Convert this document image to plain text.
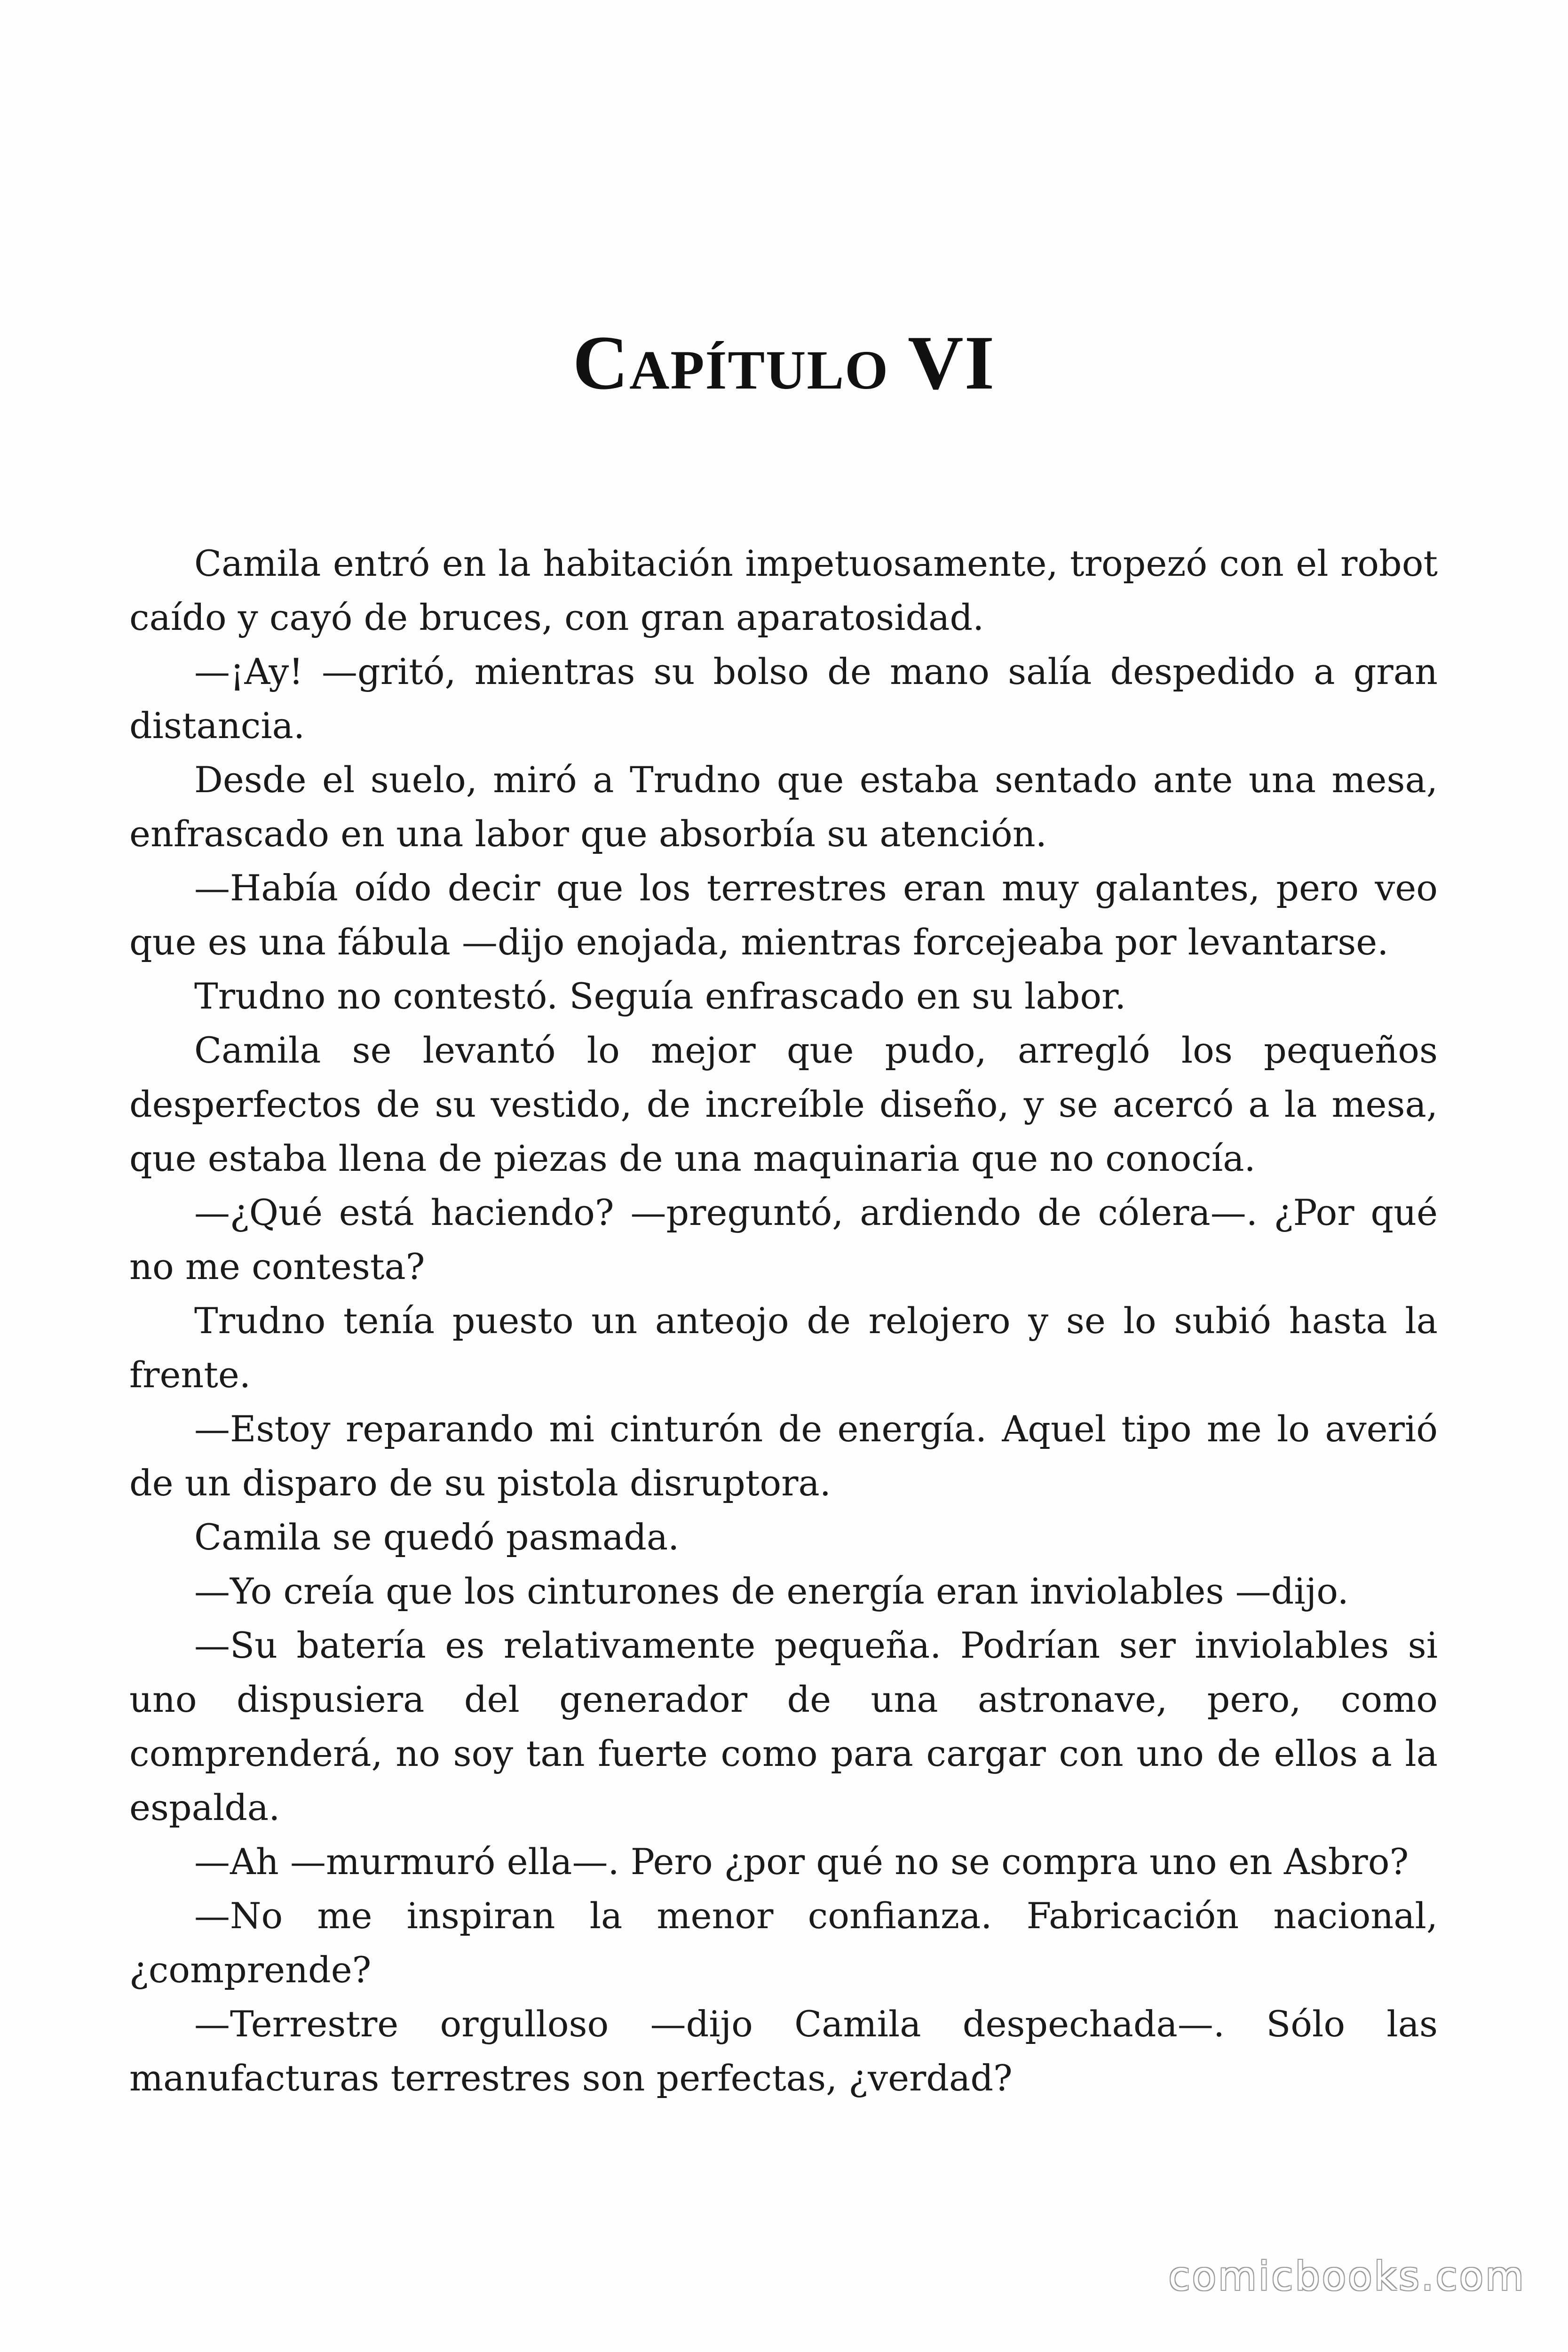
CAPÍTULO VI

Camila entró en la habitación impetuosamente, tropezó con el robot caído y cayó de bruces, con gran aparatosidad.

—¡Ay! —gritó, mientras su bolso de mano salía despedido a gran distancia.

Desde el suelo, miró a Trudno que estaba sentado ante una mesa, enfrascado en una labor que absorbía su atención.

—Había oído decir que los terrestres eran muy galantes, pero veo que es una fábula —dijo enojada, mientras forcejeaba por levantarse.

Trudno no contestó. Seguía enfrascado en su labor.

Camila se levantó lo mejor que pudo, arregló los pequeños desperfectos de su vestido, de increíble diseño, y se acercó a la mesa, que estaba llena de piezas de una maquinaria que no conocía.

—¿Qué está haciendo? —preguntó, ardiendo de cólera—. ¿Por qué no me contesta?

Trudno tenía puesto un anteojo de relojero y se lo subió hasta la frente.

—Estoy reparando mi cinturón de energía. Aquel tipo me lo averió de un disparo de su pistola disruptora.

Camila se quedó pasmada.

—Yo creía que los cinturones de energía eran inviolables —dijo.

—Su batería es relativamente pequeña. Podrían ser inviolables si uno dispusiera del generador de una astronave, pero, como comprenderá, no soy tan fuerte como para cargar con uno de ellos a la espalda.

—Ah —murmuró ella—. Pero ¿por qué no se compra uno en Asbro?

—No me inspiran la menor confianza. Fabricación nacional, ¿comprende?

—Terrestre orgulloso —dijo Camila despechada—. Sólo las manufacturas terrestres son perfectas, ¿verdad?

comicbooks.com
